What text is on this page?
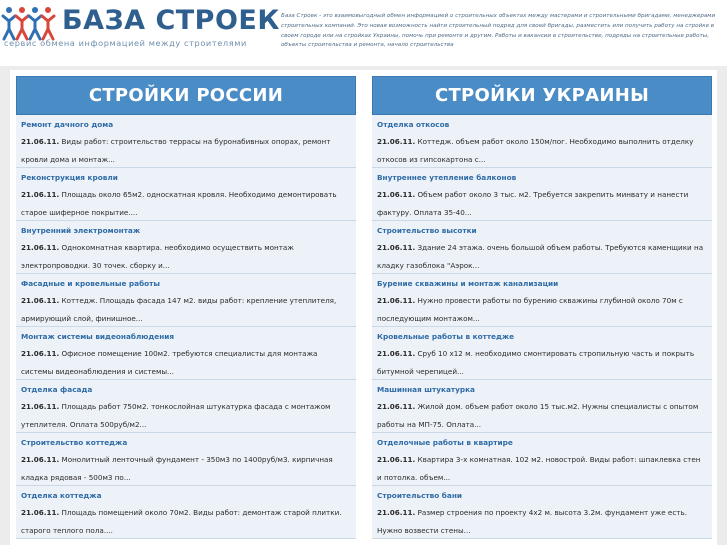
БАЗА СТРОЕК
сервис обмена информацией между строителями
База Строек - это взаимовыгодный обмен информацией о строительных объектах между мастерами и строительными бригадами, менеджерами строительных компаний. Это новая возможность найти строительный подряд для своей бригады, разместить или получить работу на стройке в своем городе или на стройках Украины, помочь при ремонте и другим. Работы и вакансии в строительстве, подряды на строительные работы, объекты строительства и ремонта, начало строительства
СТРОЙКИ РОССИИ
Ремонт дачного дома
21.06.11. Виды работ: строительство террасы на буронабивных опорах, ремонт кровли дома и монтаж...
Реконструкция кровли
21.06.11. Площадь около 65м2. односкатная кровля. Необходимо демонтировать старое шиферное покрытие....
Внутренний электромонтаж
21.06.11. Однокомнатная квартира. необходимо осуществить монтаж электропроводки. 30 точек. сборку и...
Фасадные и кровельные работы
21.06.11. Коттедж. Площадь фасада 147 м2. виды работ: крепление утеплителя, армирующий слой, финишное...
Монтаж системы видеонаблюдения
21.06.11. Офисное помещение 100м2. требуются специалисты для монтажа системы видеонаблюдения и системы...
Отделка фасада
21.06.11. Площадь работ 750м2. тонкослойная штукатурка фасада с монтажом утеплителя. Оплата 500руб/м2...
Строительство коттеджа
21.06.11. Монолитный ленточный фундамент - 350м3 по 1400руб/м3. кирпичная кладка рядовая - 500м3 по...
Отделка коттеджа
21.06.11. Площадь помещений около 70м2. Виды работ: демонтаж старой плитки. старого теплого пола....
СТРОЙКИ УКРАИНЫ
Отделка откосов
21.06.11. Коттедж. объем работ около 150м/пог. Необходимо выполнить отделку откосов из гипсокартона с...
Внутреннее утепление балконов
21.06.11. Объем работ около 3 тыс. м2. Требуется закрепить минвату и нанести фактуру. Оплата 35-40...
Строительство высотки
21.06.11. Здание 24 этажа. очень большой объем работы. Требуются каменщики на кладку газоблока "Аэрок...
Бурение скважины и монтаж канализации
21.06.11. Нужно провести работы по бурению скважины глубиной около 70м с последующим монтажом...
Кровельные работы в коттедже
21.06.11. Сруб 10 x12 м. необходимо смонтировать стропильную часть и покрыть битумной черепицей...
Машинная штукатурка
21.06.11. Жилой дом. объем работ около 15 тыс.м2. Нужны специалисты с опытом работы на МП-75. Оплата...
Отделочные работы в квартире
21.06.11. Квартира 3-х комнатная. 102 м2. новострой. Виды работ: шпаклевка стен и потолка. объем...
Строительство бани
21.06.11. Размер строения по проекту 4x2 м. высота 3.2м. фундамент уже есть. Нужно возвести стены...
